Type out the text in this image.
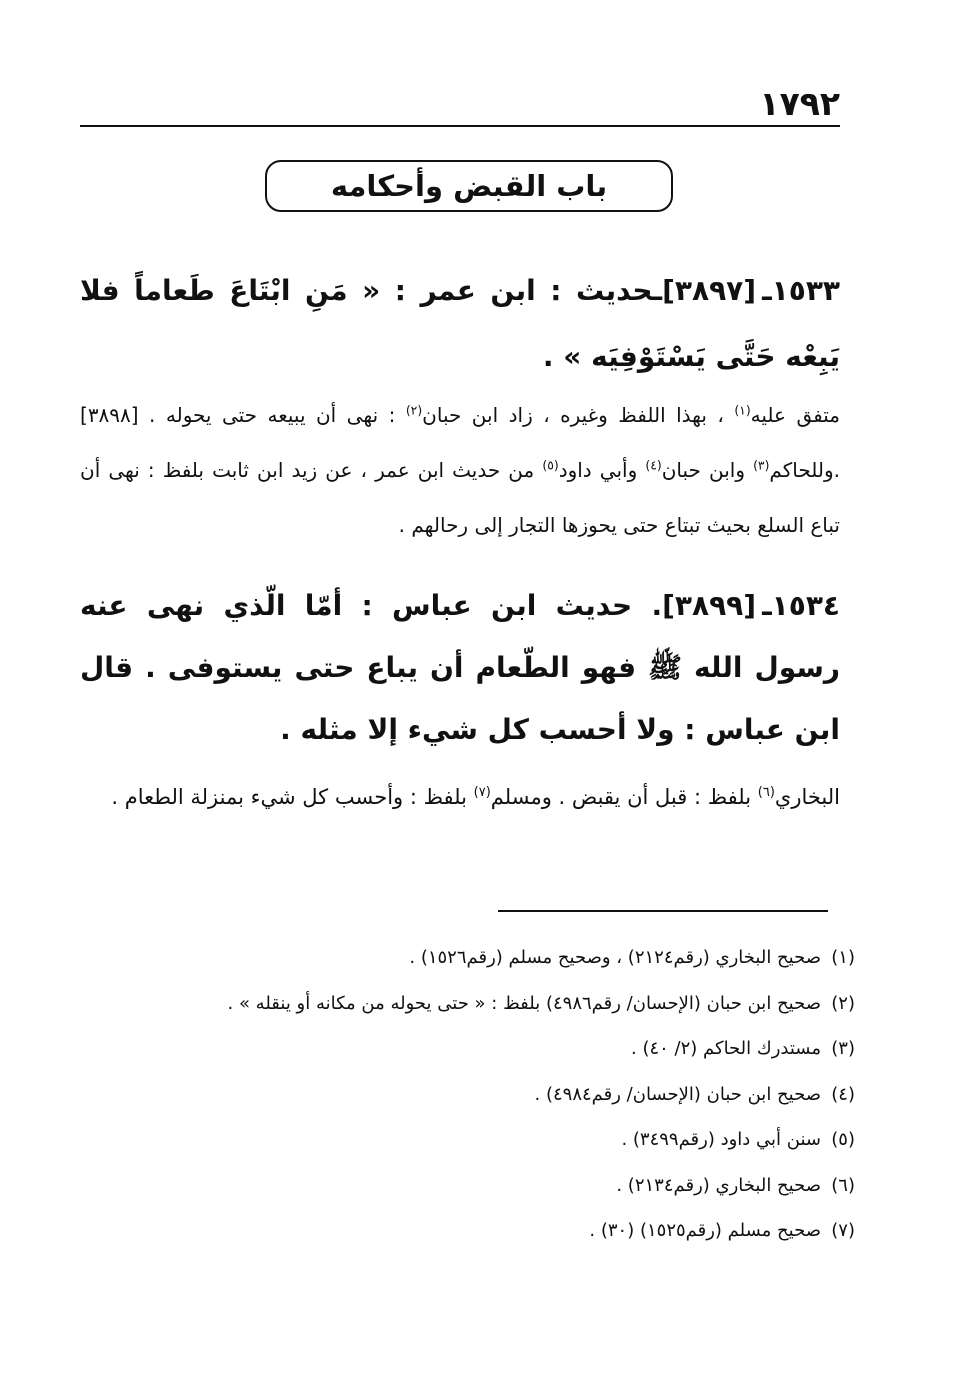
١٧٩٢
باب القبض وأحكامه

١٥٣٣ـ[٣٨٩٧]ـحديث : ابن عمر : « مَنِ ابْتَاعَ طَعاماً فلا يَبِعْه حَتَّى يَسْتَوْفِيَه » .

متفق عليه$^{(١)}$ ، بهذا اللفظ وغيره ، زاد ابن حبان$^{(٢)}$ : نهى أن يبيعه حتى يحوله . [٣٨٩٨] .وللحاكم$^{(٣)}$ وابن حبان$^{(٤)}$ وأبي داود$^{(٥)}$ من حديث ابن عمر ، عن زيد ابن ثابت بلفظ : نهى أن تباع السلع بحيث تبتاع حتى يحوزها التجار إلى رحالهم .

١٥٣٤ـ[٣٨٩٩]. حديث ابن عباس : أمّا الّذي نهى عنه رسول الله ﷺ فهو الطّعام أن يباع حتى يستوفى . قال ابن عباس : ولا أحسب كل شيء إلا مثله .

البخاري$^{(٦)}$ بلفظ : قبل أن يقبض . ومسلم$^{(٧)}$ بلفظ : وأحسب كل شيء بمنزلة الطعام .

(١)صحيح البخاري (رقم٢١٢٤) ، وصحيح مسلم (رقم١٥٢٦) .
(٢)صحيح ابن حبان (الإحسان/ رقم٤٩٨٦) بلفظ : « حتى يحوله من مكانه أو ينقله » .
(٣)مستدرك الحاكم (٢/ ٤٠) .
(٤)صحيح ابن حبان (الإحسان/ رقم٤٩٨٤) .
(٥)سنن أبي داود (رقم٣٤٩٩) .
(٦)صحيح البخاري (رقم٢١٣٤) .
(٧)صحيح مسلم (رقم١٥٢٥) (٣٠) .
